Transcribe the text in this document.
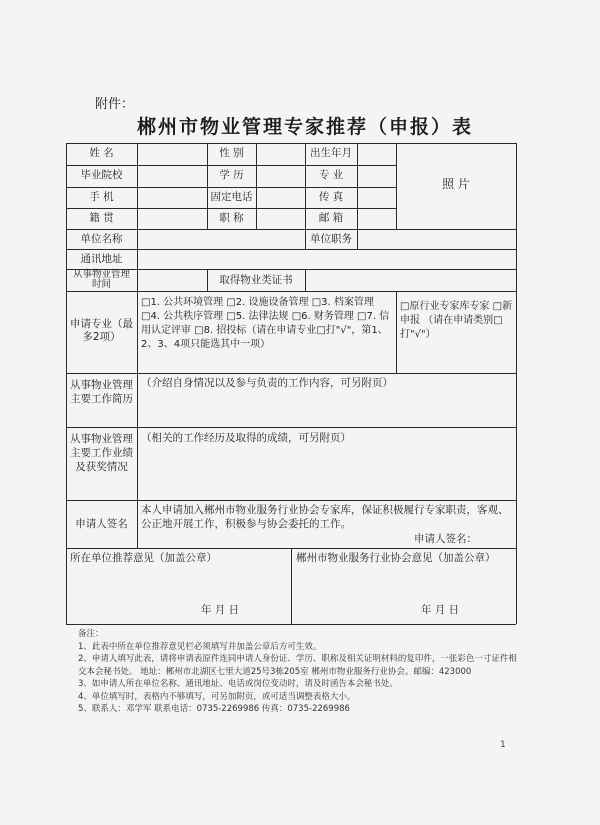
附件：
郴州市物业管理专家推荐（申报）表
姓 名	性 别	出生年月
照 片
毕业院校	学 历	专 业
手 机	固定电话	传 真
籍 贯	职 称	邮 箱
单位名称	单位职务
通讯地址
从事物业管理时间	取得物业类证书
申请专业（最多2项）
□1. 公共环境管理 □2. 设施设备管理 □3. 档案管理 □4. 公共秩序管理 □5. 法律法规 □6. 财务管理 □7. 信用认定评审 □8. 招投标（请在申请专业□打"√"，第1、2、3、4项只能选其中一项）
□原行业专家库专家 □新申报 （请在申请类别□打"√"）
从事物业管理主要工作简历
（介绍自身情况以及参与负责的工作内容，可另附页）
从事物业管理主要工作业绩及获奖情况
（相关的工作经历及取得的成绩，可另附页）
申请人签名
本人申请加入郴州市物业服务行业协会专家库，保证积极履行专家职责，客观、公正地开展工作，积极参与协会委托的工作。
申请人签名：
所在单位推荐意见（加盖公章）	郴州市物业服务行业协会意见（加盖公章）
年 月 日	年 月 日
备注：
1、此表中所在单位推荐意见栏必须填写并加盖公章后方可生效。
2、申请人填写此表，请将申请表原件连同申请人身份证、学历、职称及相关证明材料的复印件，一张彩色一寸证件相交本会秘书处。 地址：郴州市北湖区七里大道25号3栋205室 郴州市物业服务行业协会。邮编：423000
3、如申请人所在单位名称、通讯地址、电话或岗位变动时，请及时函告本会秘书处。
4、单位填写时，表格内不够填写，可另加附页，或可适当调整表格大小。
5、联系人：邓学军 联系电话：0735-2269986 传真：0735-2269986
1
